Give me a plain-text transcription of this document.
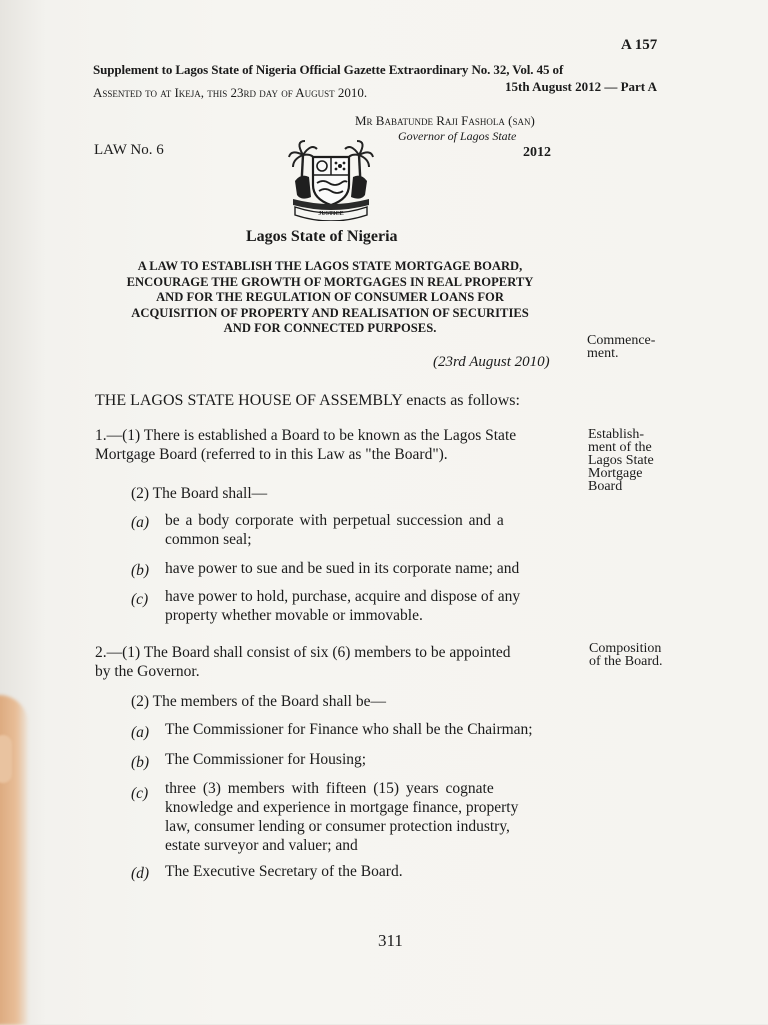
A 157
Supplement to Lagos State of Nigeria Official Gazette Extraordinary No. 32, Vol. 45 of
15th August 2012 — Part A
Assented to at Ikeja, this 23rd day of August 2010.
Mr Babatunde Raji Fashola (san)
Governor of Lagos State
LAW No. 6	2012
JUSTICE
Lagos State of Nigeria
A LAW TO ESTABLISH THE LAGOS STATE MORTGAGE BOARD,
ENCOURAGE THE GROWTH OF MORTGAGES IN REAL PROPERTY
AND FOR THE REGULATION OF CONSUMER LOANS FOR
ACQUISITION OF PROPERTY AND REALISATION OF SECURITIES
AND FOR CONNECTED PURPOSES.
(23rd August 2010)
Commence-
ment.
THE LAGOS STATE HOUSE OF ASSEMBLY enacts as follows:
1.—(1) There is established a Board to be known as the Lagos State
Mortgage Board (referred to in this Law as "the Board").
Establish-
ment of the
Lagos State
Mortgage
Board
(2) The Board shall—
(a) be a body corporate with perpetual succession and a
common seal;
(b) have power to sue and be sued in its corporate name; and
(c) have power to hold, purchase, acquire and dispose of any
property whether movable or immovable.
2.—(1) The Board shall consist of six (6) members to be appointed
by the Governor.
Composition
of the Board.
(2) The members of the Board shall be—
(a) The Commissioner for Finance who shall be the Chairman;
(b) The Commissioner for Housing;
(c) three (3) members with fifteen (15) years cognate
knowledge and experience in mortgage finance, property
law, consumer lending or consumer protection industry,
estate surveyor and valuer; and
(d) The Executive Secretary of the Board.
311
